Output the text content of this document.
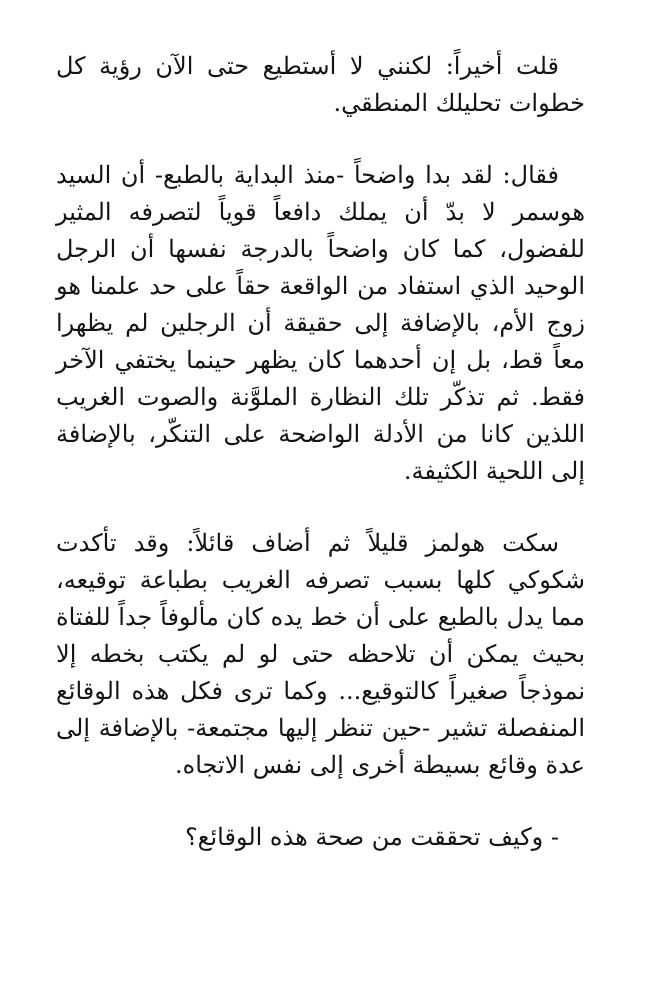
قلت أخيراً: لكنني لا أستطيع حتى الآن رؤية كل خطوات تحليلك المنطقي.

فقال: لقد بدا واضحاً -منذ البداية بالطبع- أن السيد هوسمر لا بدّ أن يملك دافعاً قوياً لتصرفه المثير للفضول، كما كان واضحاً بالدرجة نفسها أن الرجل الوحيد الذي استفاد من الواقعة حقاً على حد علمنا هو زوج الأم، بالإضافة إلى حقيقة أن الرجلين لم يظهرا معاً قط، بل إن أحدهما كان يظهر حينما يختفي الآخر فقط. ثم تذكّر تلك النظارة الملوَّنة والصوت الغريب اللذين كانا من الأدلة الواضحة على التنكّر، بالإضافة إلى اللحية الكثيفة.

سكت هولمز قليلاً ثم أضاف قائلاً: وقد تأكدت شكوكي كلها بسبب تصرفه الغريب بطباعة توقيعه، مما يدل بالطبع على أن خط يده كان مألوفاً جداً للفتاة بحيث يمكن أن تلاحظه حتى لو لم يكتب بخطه إلا نموذجاً صغيراً كالتوقيع... وكما ترى فكل هذه الوقائع المنفصلة تشير -حين تنظر إليها مجتمعة- بالإضافة إلى عدة وقائع بسيطة أخرى إلى نفس الاتجاه.

- وكيف تحققت من صحة هذه الوقائع؟
